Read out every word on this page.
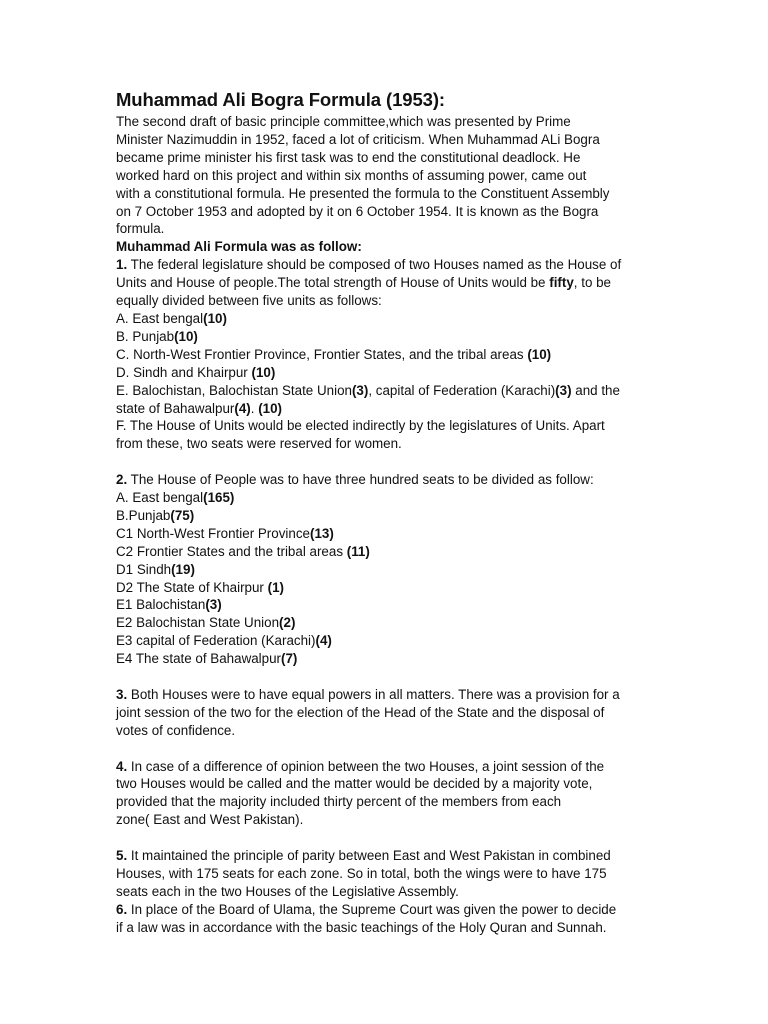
Muhammad Ali Bogra Formula (1953):

The second draft of basic principle committee,which was presented by Prime

Minister Nazimuddin in 1952, faced a lot of criticism. When Muhammad ALi Bogra

became prime minister his first task was to end the constitutional deadlock. He

worked hard on this project and within six months of assuming power, came out

with a constitutional formula. He presented the formula to the Constituent Assembly

on 7 October 1953 and adopted by it on 6 October 1954. It is known as the Bogra

formula.

Muhammad Ali Formula was as follow:

1. The federal legislature should be composed of two Houses named as the House of

Units and House of people.The total strength of House of Units would be fifty, to be

equally divided between five units as follows:

A. East bengal(10)

B. Punjab(10)

C. North-West Frontier Province, Frontier States, and the tribal areas (10)

D. Sindh and Khairpur (10)

E. Balochistan, Balochistan State Union(3), capital of Federation (Karachi)(3) and the

state of Bahawalpur(4). (10)

F. The House of Units would be elected indirectly by the legislatures of Units. Apart

from these, two seats were reserved for women.

2. The House of People was to have three hundred seats to be divided as follow:

A. East bengal(165)

B.Punjab(75)

C1 North-West Frontier Province(13)

C2 Frontier States and the tribal areas (11)

D1 Sindh(19)

D2 The State of Khairpur (1)

E1 Balochistan(3)

E2 Balochistan State Union(2)

E3 capital of Federation (Karachi)(4)

E4 The state of Bahawalpur(7)

3. Both Houses were to have equal powers in all matters. There was a provision for a

joint session of the two for the election of the Head of the State and the disposal of

votes of confidence.

4. In case of a difference of opinion between the two Houses, a joint session of the

two Houses would be called and the matter would be decided by a majority vote,

provided that the majority included thirty percent of the members from each

zone( East and West Pakistan).

5. It maintained the principle of parity between East and West Pakistan in combined

Houses, with 175 seats for each zone. So in total, both the wings were to have 175

seats each in the two Houses of the Legislative Assembly.

6. In place of the Board of Ulama, the Supreme Court was given the power to decide

if a law was in accordance with the basic teachings of the Holy Quran and Sunnah.
